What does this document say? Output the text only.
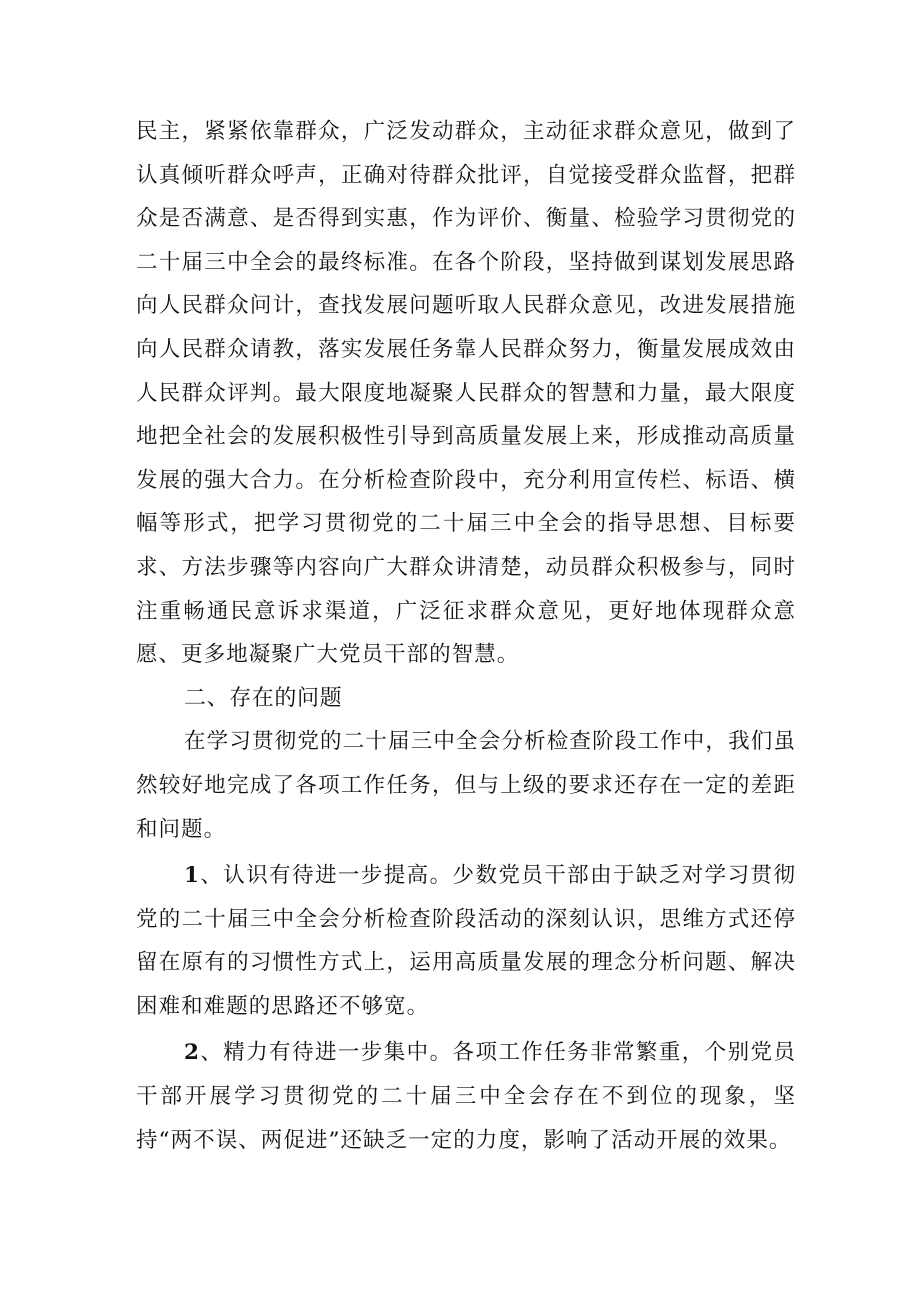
民主，紧紧依靠群众，广泛发动群众，主动征求群众意见，做到了认真倾听群众呼声，正确对待群众批评，自觉接受群众监督，把群众是否满意、是否得到实惠，作为评价、衡量、检验学习贯彻党的二十届三中全会的最终标准。在各个阶段，坚持做到谋划发展思路向人民群众问计，查找发展问题听取人民群众意见，改进发展措施向人民群众请教，落实发展任务靠人民群众努力，衡量发展成效由人民群众评判。最大限度地凝聚人民群众的智慧和力量，最大限度地把全社会的发展积极性引导到高质量发展上来，形成推动高质量发展的强大合力。在分析检查阶段中，充分利用宣传栏、标语、横幅等形式，把学习贯彻党的二十届三中全会的指导思想、目标要求、方法步骤等内容向广大群众讲清楚，动员群众积极参与，同时注重畅通民意诉求渠道，广泛征求群众意见，更好地体现群众意愿、更多地凝聚广大党员干部的智慧。

二、存在的问题

在学习贯彻党的二十届三中全会分析检查阶段工作中，我们虽然较好地完成了各项工作任务，但与上级的要求还存在一定的差距和问题。

1、认识有待进一步提高。少数党员干部由于缺乏对学习贯彻党的二十届三中全会分析检查阶段活动的深刻认识，思维方式还停留在原有的习惯性方式上，运用高质量发展的理念分析问题、解决困难和难题的思路还不够宽。

2、精力有待进一步集中。各项工作任务非常繁重，个别党员干部开展学习贯彻党的二十届三中全会存在不到位的现象，坚持“两不误、两促进”还缺乏一定的力度，影响了活动开展的效果。
